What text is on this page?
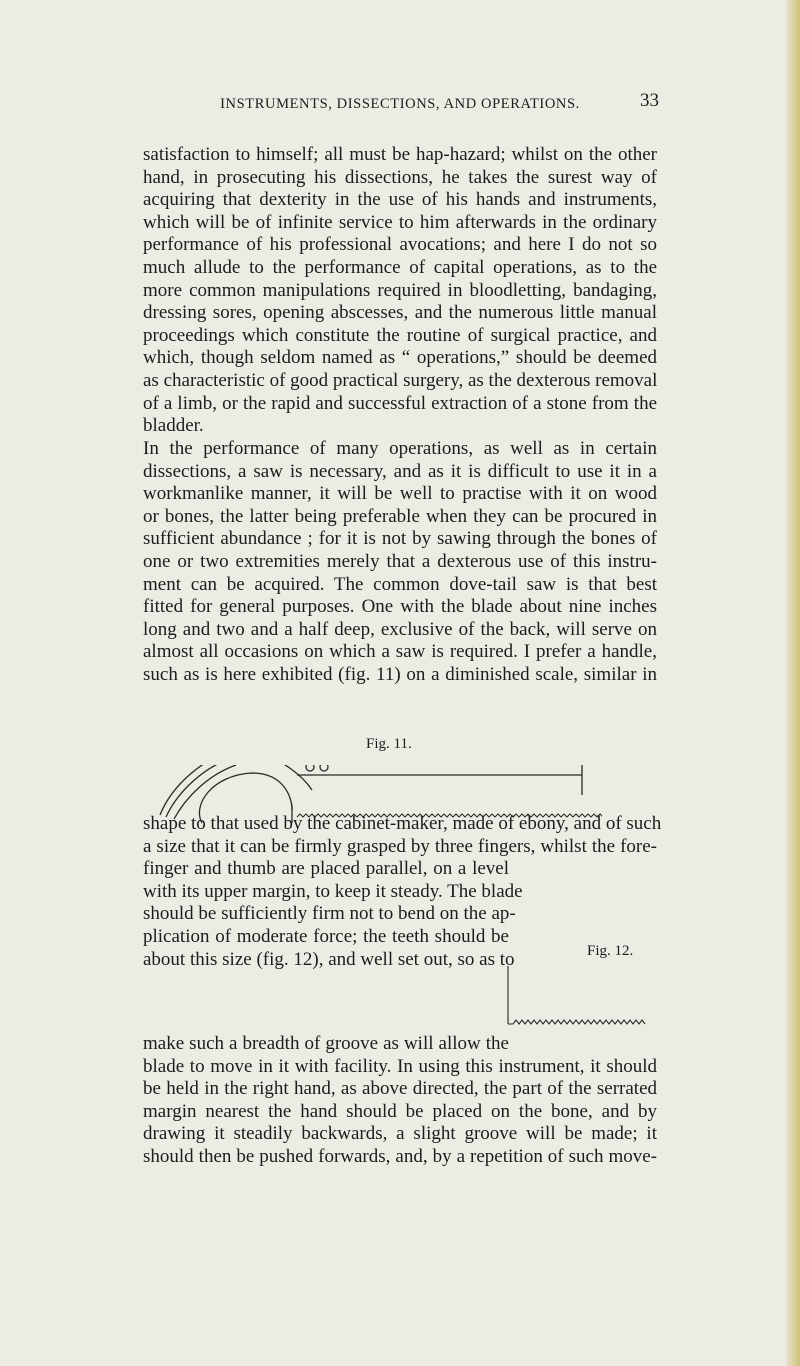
INSTRUMENTS, DISSECTIONS, AND OPERATIONS.	33

satisfaction to himself; all must be hap-hazard; whilst on the other
hand, in prosecuting his dissections, he takes the surest way of
acquiring that dexterity in the use of his hands and instruments,
which will be of infinite service to him afterwards in the ordinary
performance of his professional avocations; and here I do not so
much allude to the performance of capital operations, as to the
more common manipulations required in bloodletting, bandaging,
dressing sores, opening abscesses, and the numerous little manual
proceedings which constitute the routine of surgical practice, and
which, though seldom named as “ operations,” should be deemed
as characteristic of good practical surgery, as the dexterous removal
of a limb, or the rapid and successful extraction of a stone from the
bladder.

In the performance of many operations, as well as in certain
dissections, a saw is necessary, and as it is difficult to use it in a
workmanlike manner, it will be well to practise with it on wood
or bones, the latter being preferable when they can be procured in
sufficient abundance ; for it is not by sawing through the bones of
one or two extremities merely that a dexterous use of this instru-
ment can be acquired. The common dove-tail saw is that best
fitted for general purposes. One with the blade about nine inches
long and two and a half deep, exclusive of the back, will serve on
almost all occasions on which a saw is required. I prefer a handle,
such as is here exhibited (fig. 11) on a diminished scale, similar in

Fig. 11.

shape to that used by the cabinet-maker, made of ebony, and of such
a size that it can be firmly grasped by three fingers, whilst the fore-
finger and thumb are placed parallel, on a level
with its upper margin, to keep it steady. The blade
should be sufficiently firm not to bend on the ap-
plication of moderate force; the teeth should be
about this size (fig. 12), and well set out, so as to	Fig. 12.

make such a breadth of groove as will allow the
blade to move in it with facility. In using this instrument, it should
be held in the right hand, as above directed, the part of the serrated
margin nearest the hand should be placed on the bone, and by
drawing it steadily backwards, a slight groove will be made; it
should then be pushed forwards, and, by a repetition of such move-
